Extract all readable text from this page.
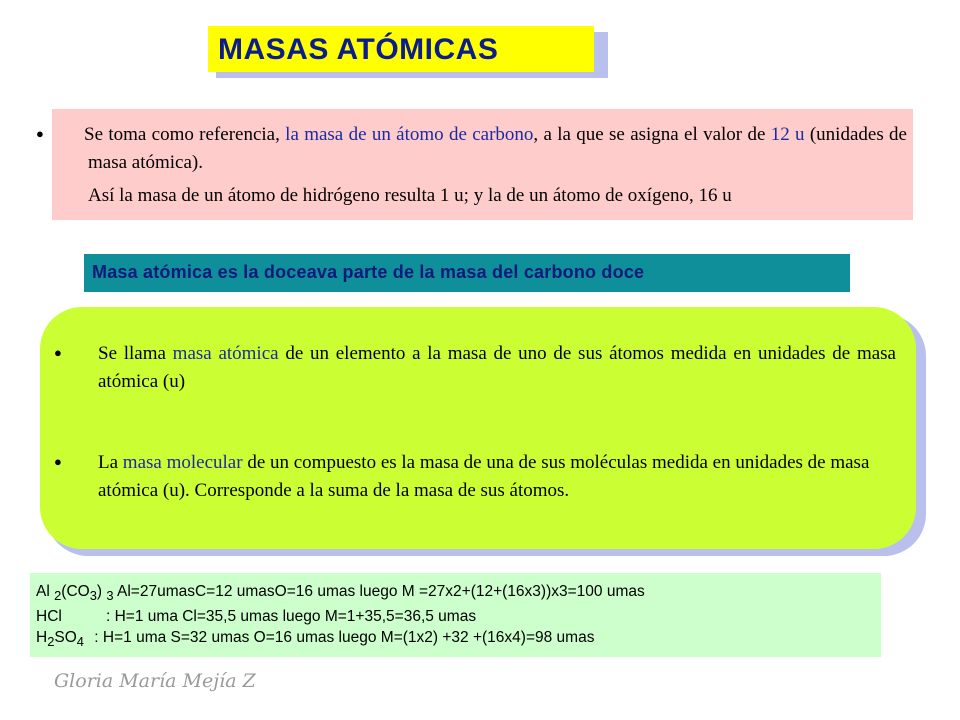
MASAS ATÓMICAS
● Se toma como referencia, la masa de un átomo de carbono, a la que se asigna el valor de 12 u (unidades de masa atómica).
Así la masa de un átomo de hidrógeno resulta 1 u; y la de un átomo de oxígeno, 16 u
Masa atómica es la doceava parte de la masa del carbono doce
● Se llama masa atómica de un elemento a la masa de uno de sus átomos medida en unidades de masa atómica (u)
● La masa molecular de un compuesto es la masa de una de sus moléculas medida en unidades de masa atómica (u). Corresponde a la suma de la masa de sus átomos.
Al $_2(CO_3)$ $_3$ Al=27umasC=12 umasO=16 umas luego M =27x2+(12+(16x3))x3=100 umas
HCl	: H=1 uma Cl=35,5 umas luego M=1+35,5=36,5 umas
$H_2SO_4$ : H=1 uma S=32 umas O=16 umas luego M=(1x2) +32 +(16x4)=98 umas
Gloria María Mejía Z
